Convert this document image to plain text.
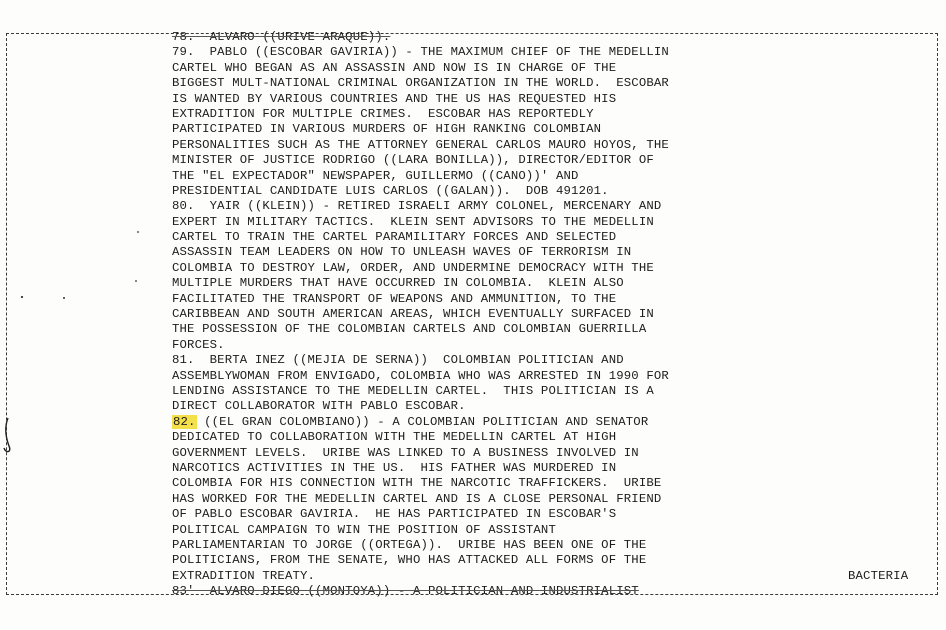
78.  ALVARO ((URIVE ARAQUE)).
79.  PABLO ((ESCOBAR GAVIRIA)) - THE MAXIMUM CHIEF OF THE MEDELLIN
CARTEL WHO BEGAN AS AN ASSASSIN AND NOW IS IN CHARGE OF THE
BIGGEST MULT-NATIONAL CRIMINAL ORGANIZATION IN THE WORLD.  ESCOBAR
IS WANTED BY VARIOUS COUNTRIES AND THE US HAS REQUESTED HIS
EXTRADITION FOR MULTIPLE CRIMES.  ESCOBAR HAS REPORTEDLY
PARTICIPATED IN VARIOUS MURDERS OF HIGH RANKING COLOMBIAN
PERSONALITIES SUCH AS THE ATTORNEY GENERAL CARLOS MAURO HOYOS, THE
MINISTER OF JUSTICE RODRIGO ((LARA BONILLA)), DIRECTOR/EDITOR OF
THE "EL EXPECTADOR" NEWSPAPER, GUILLERMO ((CANO))' AND
PRESIDENTIAL CANDIDATE LUIS CARLOS ((GALAN)).  DOB 491201.
80.  YAIR ((KLEIN)) - RETIRED ISRAELI ARMY COLONEL, MERCENARY AND
EXPERT IN MILITARY TACTICS.  KLEIN SENT ADVISORS TO THE MEDELLIN
CARTEL TO TRAIN THE CARTEL PARAMILITARY FORCES AND SELECTED
ASSASSIN TEAM LEADERS ON HOW TO UNLEASH WAVES OF TERRORISM IN
COLOMBIA TO DESTROY LAW, ORDER, AND UNDERMINE DEMOCRACY WITH THE
MULTIPLE MURDERS THAT HAVE OCCURRED IN COLOMBIA.  KLEIN ALSO
FACILITATED THE TRANSPORT OF WEAPONS AND AMMUNITION, TO THE
CARIBBEAN AND SOUTH AMERICAN AREAS, WHICH EVENTUALLY SURFACED IN
THE POSSESSION OF THE COLOMBIAN CARTELS AND COLOMBIAN GUERRILLA
FORCES.
81.  BERTA INEZ ((MEJIA DE SERNA))  COLOMBIAN POLITICIAN AND
ASSEMBLYWOMAN FROM ENVIGADO, COLOMBIA WHO WAS ARRESTED IN 1990 FOR
LENDING ASSISTANCE TO THE MEDELLIN CARTEL.  THIS POLITICIAN IS A
DIRECT COLLABORATOR WITH PABLO ESCOBAR.
82. ((EL GRAN COLOMBIANO)) - A COLOMBIAN POLITICIAN AND SENATOR
DEDICATED TO COLLABORATION WITH THE MEDELLIN CARTEL AT HIGH
GOVERNMENT LEVELS.  URIBE WAS LINKED TO A BUSINESS INVOLVED IN
NARCOTICS ACTIVITIES IN THE US.  HIS FATHER WAS MURDERED IN
COLOMBIA FOR HIS CONNECTION WITH THE NARCOTIC TRAFFICKERS.  URIBE
HAS WORKED FOR THE MEDELLIN CARTEL AND IS A CLOSE PERSONAL FRIEND
OF PABLO ESCOBAR GAVIRIA.  HE HAS PARTICIPATED IN ESCOBAR'S
POLITICAL CAMPAIGN TO WIN THE POSITION OF ASSISTANT
PARLIAMENTARIAN TO JORGE ((ORTEGA)).  URIBE HAS BEEN ONE OF THE
POLITICIANS, FROM THE SENATE, WHO HAS ATTACKED ALL FORMS OF THE
EXTRADITION TREATY.
83'  ALVARO DIEGO ((MONTOYA)) - A POLITICIAN AND INDUSTRIALIST
BACTERIA
